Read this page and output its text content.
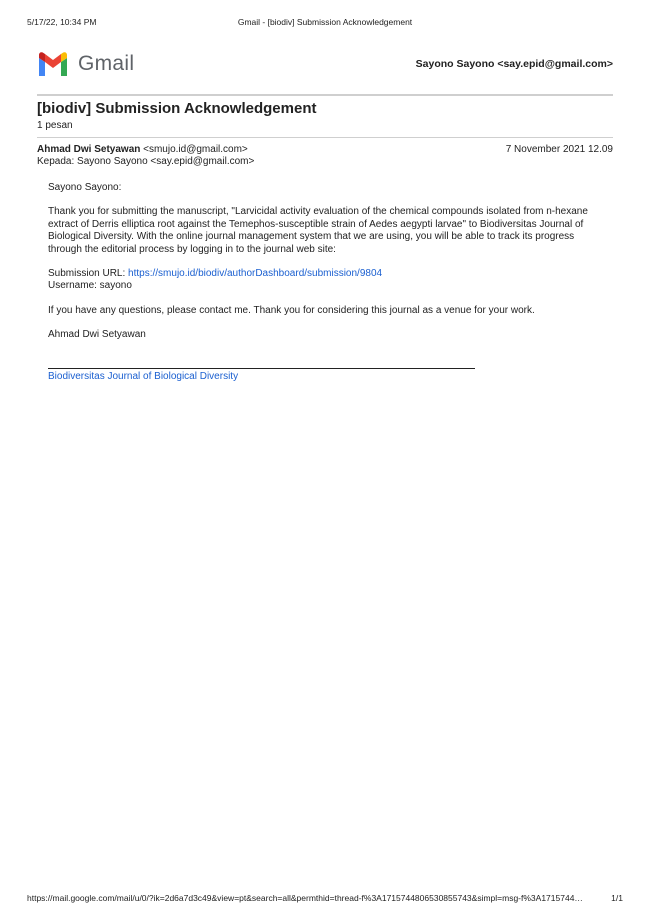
5/17/22, 10:34 PM	Gmail - [biodiv] Submission Acknowledgement
Gmail	Sayono Sayono <say.epid@gmail.com>
[biodiv] Submission Acknowledgement
1 pesan
Ahmad Dwi Setyawan <smujo.id@gmail.com>	7 November 2021 12.09
Kepada: Sayono Sayono <say.epid@gmail.com>

Sayono Sayono:

Thank you for submitting the manuscript, "Larvicidal activity evaluation of the chemical compounds isolated from n-hexane extract of Derris elliptica root against the Temephos-susceptible strain of Aedes aegypti larvae" to Biodiversitas Journal of Biological Diversity. With the online journal management system that we are using, you will be able to track its progress through the editorial process by logging in to the journal web site:

Submission URL: https://smujo.id/biodiv/authorDashboard/submission/9804
Username: sayono

If you have any questions, please contact me. Thank you for considering this journal as a venue for your work.

Ahmad Dwi Setyawan

Biodiversitas Journal of Biological Diversity
https://mail.google.com/mail/u/0/?ik=2d6a7d3c49&view=pt&search=all&permthid=thread-f%3A1715744806530855743&simpl=msg-f%3A1715744…	1/1
